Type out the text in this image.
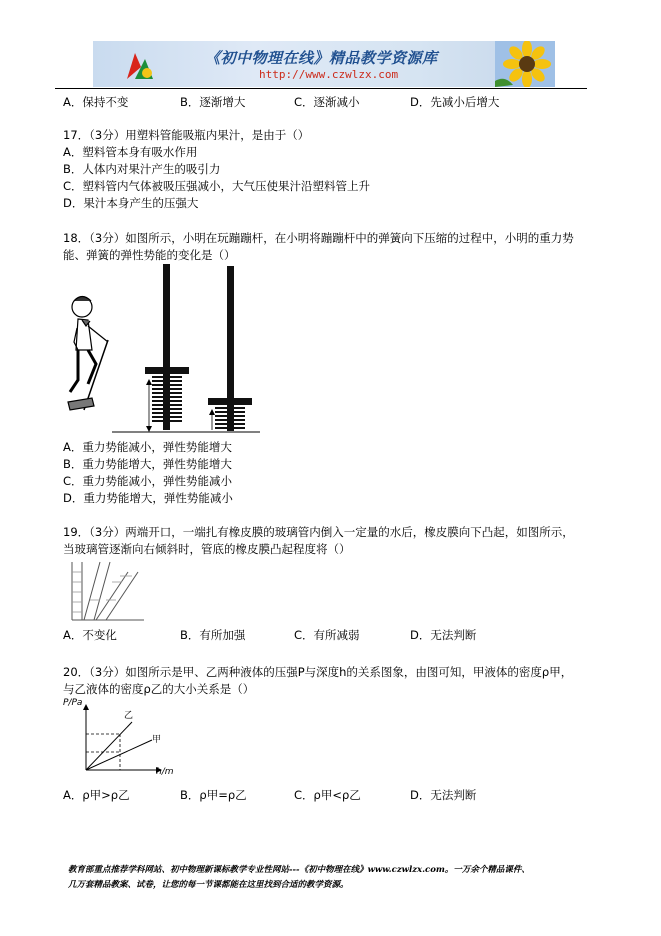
《初中物理在线》精品教学资源库
http://www.czwlzx.com
A．保持不变	B．逐渐增大	C．逐渐减小	D．先减小后增大
17．（3分）用塑料管能吸瓶内果汁，是由于（）
A．塑料管本身有吸水作用
B．人体内对果汁产生的吸引力
C．塑料管内气体被吸压强减小，大气压使果汁沿塑料管上升
D．果汁本身产生的压强大
18．（3分）如图所示，小明在玩蹦蹦杆，在小明将蹦蹦杆中的弹簧向下压缩的过程中，小明的重力势
能、弹簧的弹性势能的变化是（）
A．重力势能减小，弹性势能增大
B．重力势能增大，弹性势能增大
C．重力势能减小，弹性势能减小
D．重力势能增大，弹性势能减小
19．（3分）两端开口，一端扎有橡皮膜的玻璃管内倒入一定量的水后，橡皮膜向下凸起，如图所示，
当玻璃管逐渐向右倾斜时，管底的橡皮膜凸起程度将（）
A．不变化	B．有所加强	C．有所减弱	D．无法判断
20．（3分）如图所示是甲、乙两种液体的压强P与深度h的关系图象，由图可知，甲液体的密度ρ甲，
与乙液体的密度ρ乙的大小关系是（）
P/Pa
h/m
乙
甲
A．ρ甲>ρ乙	B．ρ甲=ρ乙	C．ρ甲<ρ乙	D．无法判断
教育部重点推荐学科网站、初中物理新课标教学专业性网站---《初中物理在线》www.czwlzx.com。一万余个精品课件、
几万套精品教案、试卷，让您的每一节课都能在这里找到合适的教学资源。
